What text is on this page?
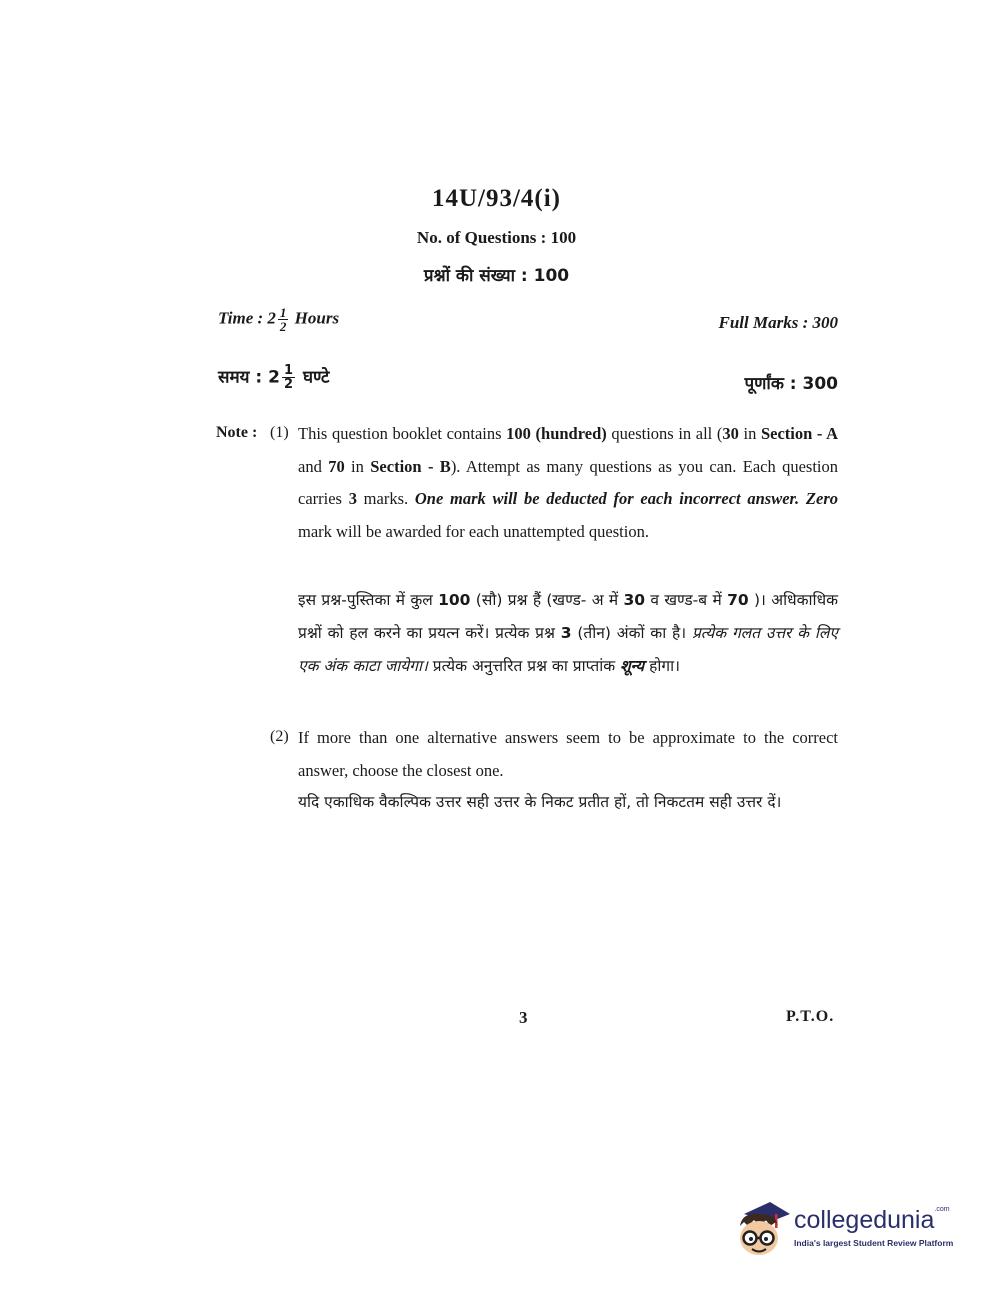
14U/93/4(i)
No. of Questions : 100
प्रश्नों की संख्या : 100
Time : $2 \frac{1}{2}$ Hours	Full Marks : 300
समय : $2 \frac{1}{2}$ घण्टे	पूर्णांक : 300
Note : (1) This question booklet contains 100 (hundred) questions in all (30 in Section - A and 70 in Section - B). Attempt as many questions as you can. Each question carries 3 marks. One mark will be deducted for each incorrect answer. Zero mark will be awarded for each unattempted question.
इस प्रश्न-पुस्तिका में कुल 100 (सौ) प्रश्न हैं (खण्ड- अ में 30 व खण्ड-ब में 70 )। अधिकाधिक प्रश्नों को हल करने का प्रयत्न करें। प्रत्येक प्रश्न 3 (तीन) अंकों का है। प्रत्येक गलत उत्तर के लिए एक अंक काटा जायेगा। प्रत्येक अनुत्तरित प्रश्न का प्राप्तांक शून्य होगा।
(2) If more than one alternative answers seem to be approximate to the correct answer, choose the closest one.
यदि एकाधिक वैकल्पिक उत्तर सही उत्तर के निकट प्रतीत हों, तो निकटतम सही उत्तर दें।
3	P.T.O.
collegedunia$^{.com}$
India's largest Student Review Platform
